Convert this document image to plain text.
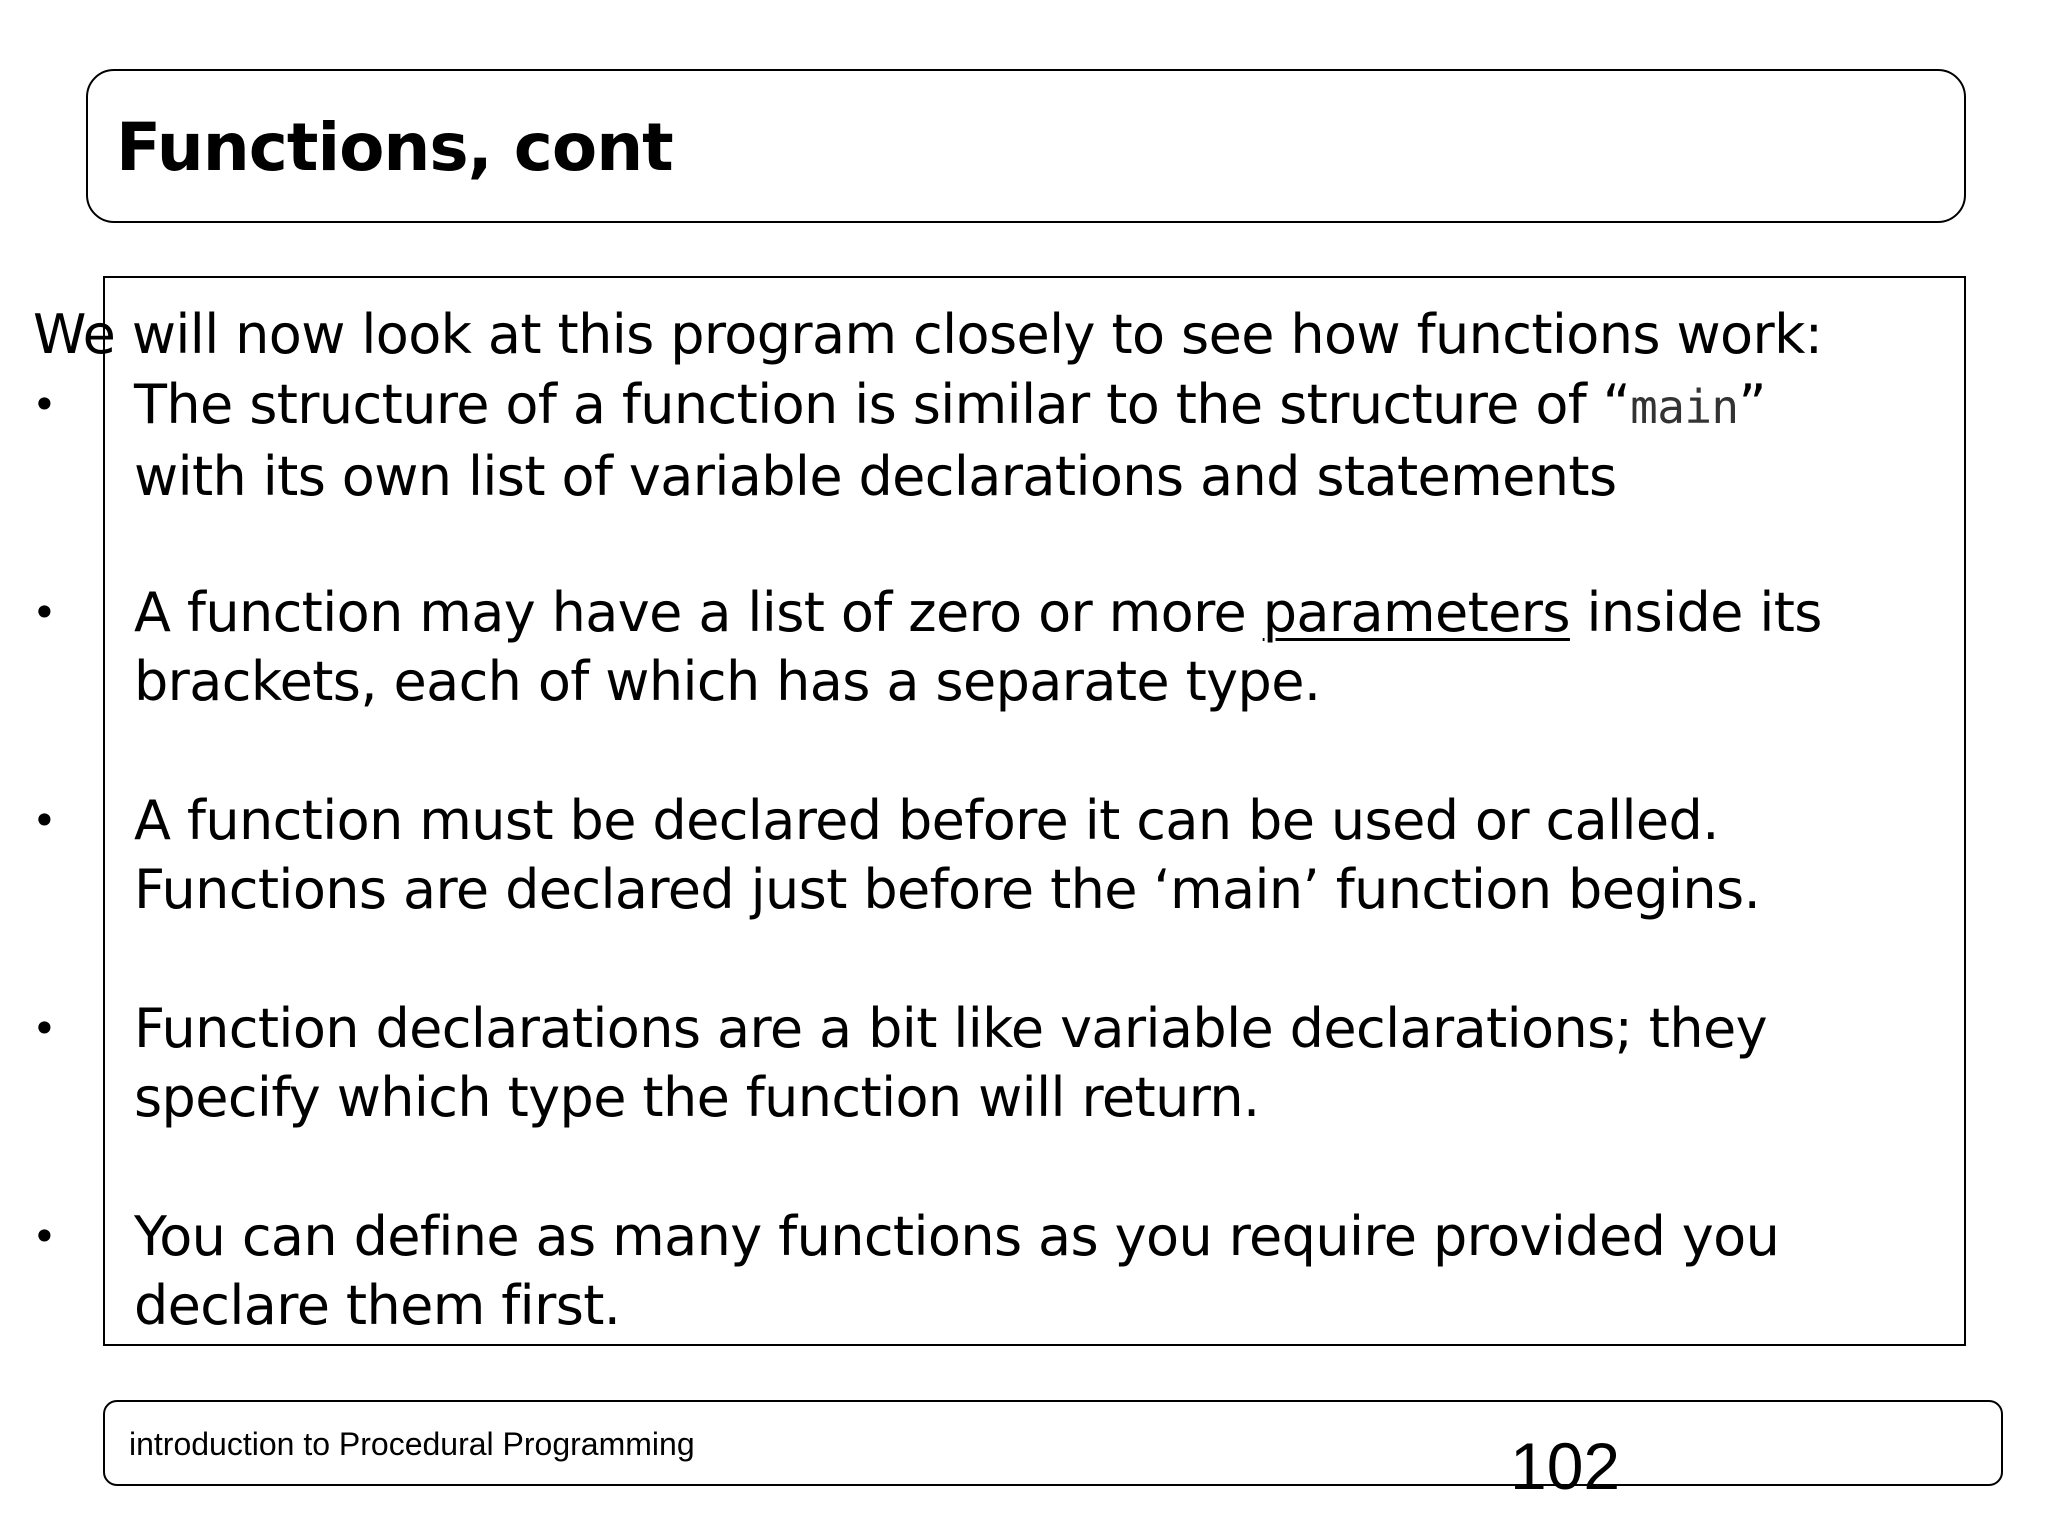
Functions, cont

We will now look at this program closely to see how functions work:

• The structure of a function is similar to the structure of “main”
with its own list of variable declarations and statements
• A function may have a list of zero or more parameters inside its
brackets, each of which has a separate type.
• A function must be declared before it can be used or called.
Functions are declared just before the ‘main’ function begins.
• Function declarations are a bit like variable declarations; they
specify which type the function will return.
• You can define as many functions as you require provided you
declare them first.
introduction to Procedural Programming	102
